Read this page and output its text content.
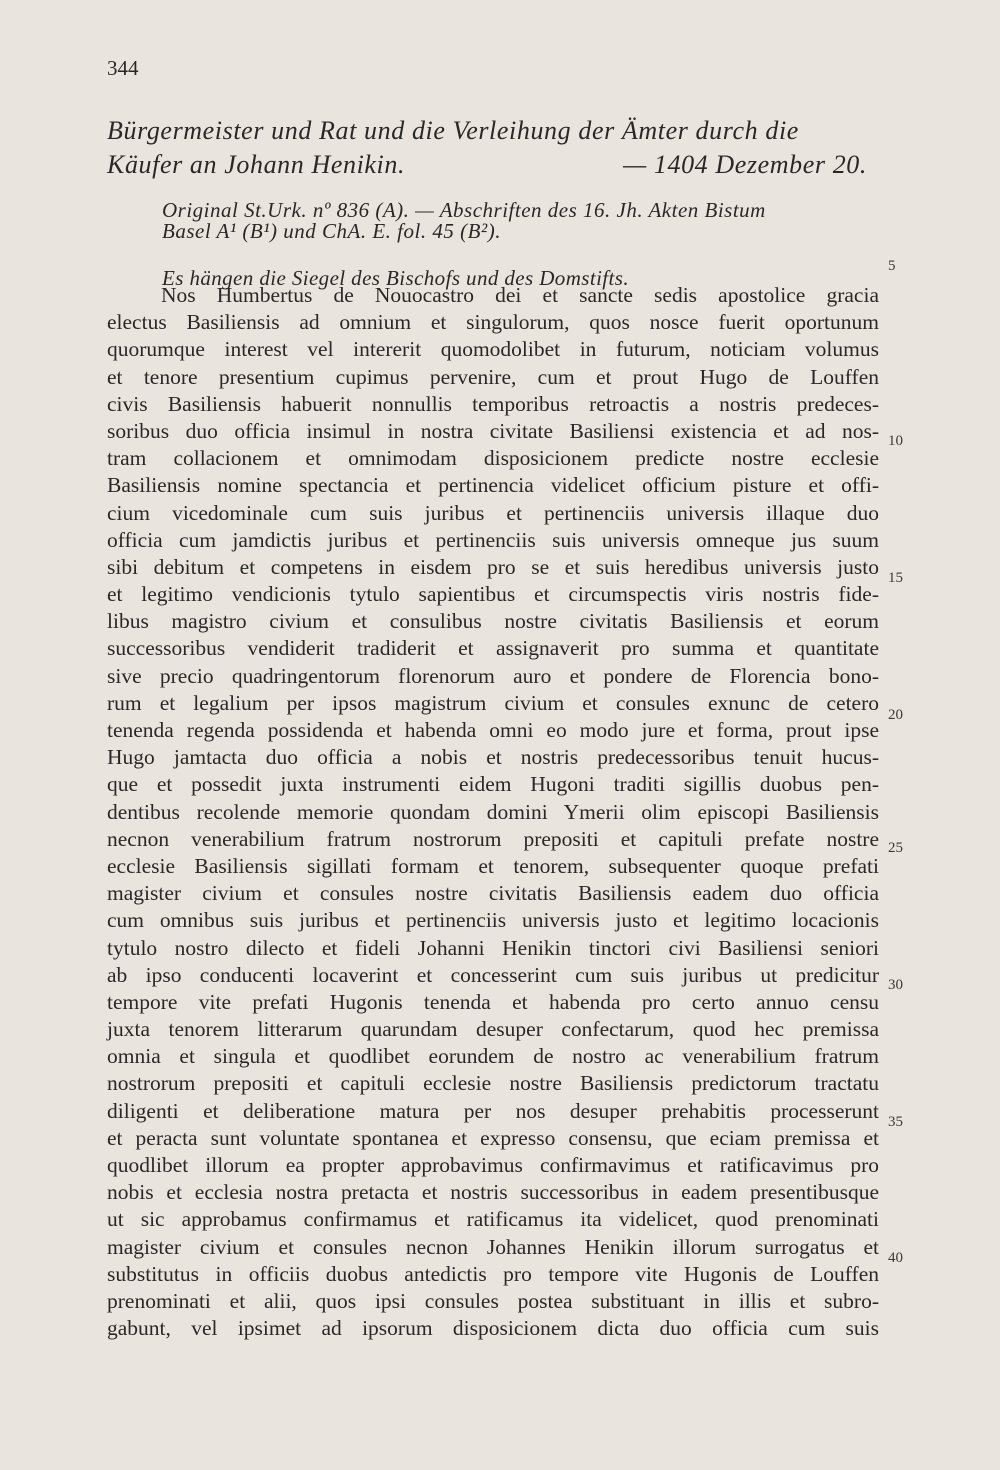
344
Bürgermeister und Rat und die Verleihung der Ämter durch die
Käufer an Johann Henikin.	— 1404 Dezember 20.
Original St.Urk. nº 836 (A). — Abschriften des 16. Jh. Akten Bistum
Basel A¹ (B¹) und ChA. E. fol. 45 (B²).
Es hängen die Siegel des Bischofs und des Domstifts.
Nos Humbertus de Nouocastro dei et sancte sedis apostolice gracia
electus Basiliensis ad omnium et singulorum, quos nosce fuerit oportunum
quorumque interest vel intererit quomodolibet in futurum, noticiam volumus
et tenore presentium cupimus pervenire, cum et prout Hugo de Louffen
civis Basiliensis habuerit nonnullis temporibus retroactis a nostris predeces-
soribus duo officia insimul in nostra civitate Basiliensi existencia et ad nos-
tram collacionem et omnimodam disposicionem predicte nostre ecclesie
Basiliensis nomine spectancia et pertinencia videlicet officium pisture et offi-
cium vicedominale cum suis juribus et pertinenciis universis illaque duo
officia cum jamdictis juribus et pertinenciis suis universis omneque jus suum
sibi debitum et competens in eisdem pro se et suis heredibus universis justo
et legitimo vendicionis tytulo sapientibus et circumspectis viris nostris fide-
libus magistro civium et consulibus nostre civitatis Basiliensis et eorum
successoribus vendiderit tradiderit et assignaverit pro summa et quantitate
sive precio quadringentorum florenorum auro et pondere de Florencia bono-
rum et legalium per ipsos magistrum civium et consules exnunc de cetero
tenenda regenda possidenda et habenda omni eo modo jure et forma, prout ipse
Hugo jamtacta duo officia a nobis et nostris predecessoribus tenuit hucus-
que et possedit juxta instrumenti eidem Hugoni traditi sigillis duobus pen-
dentibus recolende memorie quondam domini Ymerii olim episcopi Basiliensis
necnon venerabilium fratrum nostrorum prepositi et capituli prefate nostre
ecclesie Basiliensis sigillati formam et tenorem, subsequenter quoque prefati
magister civium et consules nostre civitatis Basiliensis eadem duo officia
cum omnibus suis juribus et pertinenciis universis justo et legitimo locacionis
tytulo nostro dilecto et fideli Johanni Henikin tinctori civi Basiliensi seniori
ab ipso conducenti locaverint et concesserint cum suis juribus ut predicitur
tempore vite prefati Hugonis tenenda et habenda pro certo annuo censu
juxta tenorem litterarum quarundam desuper confectarum, quod hec premissa
omnia et singula et quodlibet eorundem de nostro ac venerabilium fratrum
nostrorum prepositi et capituli ecclesie nostre Basiliensis predictorum tractatu
diligenti et deliberatione matura per nos desuper prehabitis processerunt
et peracta sunt voluntate spontanea et expresso consensu, que eciam premissa et
quodlibet illorum ea propter approbavimus confirmavimus et ratificavimus pro
nobis et ecclesia nostra pretacta et nostris successoribus in eadem presentibusque
ut sic approbamus confirmamus et ratificamus ita videlicet, quod prenominati
magister civium et consules necnon Johannes Henikin illorum surrogatus et
substitutus in officiis duobus antedictis pro tempore vite Hugonis de Louffen
prenominati et alii, quos ipsi consules postea substituant in illis et subro-
gabunt, vel ipsimet ad ipsorum disposicionem dicta duo officia cum suis
5
10
15
20
25
30
35
40
